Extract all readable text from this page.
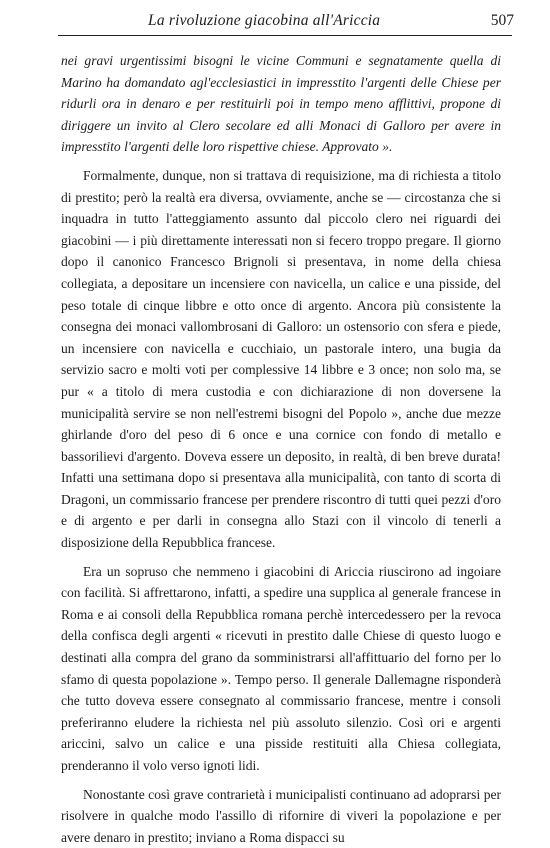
La rivoluzione giacobina all'Ariccia	507

nei gravi urgentissimi bisogni le vicine Communi e segnatamente quella di Marino ha domandato agl'ecclesiastici in impresstito l'argenti delle Chiese per ridurli ora in denaro e per restituirli poi in tempo meno afflittivi, propone di diriggere un invito al Clero secolare ed alli Monaci di Galloro per avere in impresstito l'argenti delle loro rispettive chiese. Approvato ».

Formalmente, dunque, non si trattava di requisizione, ma di richiesta a titolo di prestito; però la realtà era diversa, ovviamente, anche se — circostanza che si inquadra in tutto l'atteggiamento assunto dal piccolo clero nei riguardi dei giacobini — i più direttamente interessati non si fecero troppo pregare. Il giorno dopo il canonico Francesco Brignoli si presentava, in nome della chiesa collegiata, a depositare un incensiere con navicella, un calice e una pisside, del peso totale di cinque libbre e otto once di argento. Ancora più consistente la consegna dei monaci vallombrosani di Galloro: un ostensorio con sfera e piede, un incensiere con navicella e cucchiaio, un pastorale intero, una bugia da servizio sacro e molti voti per complessive 14 libbre e 3 once; non solo ma, se pur « a titolo di mera custodia e con dichiarazione di non doversene la municipalità servire se non nell'estremi bisogni del Popolo », anche due mezze ghirlande d'oro del peso di 6 once e una cornice con fondo di metallo e bassorilievi d'argento. Doveva essere un deposito, in realtà, di ben breve durata! Infatti una settimana dopo si presentava alla municipalità, con tanto di scorta di Dragoni, un commissario francese per prendere riscontro di tutti quei pezzi d'oro e di argento e per darli in consegna allo Stazi con il vincolo di tenerli a disposizione della Repubblica francese.

Era un sopruso che nemmeno i giacobini di Ariccia riuscirono ad ingoiare con facilità. Si affrettarono, infatti, a spedire una supplica al generale francese in Roma e ai consoli della Repubblica romana perchè intercedessero per la revoca della confisca degli argenti « ricevuti in prestito dalle Chiese di questo luogo e destinati alla compra del grano da somministrarsi all'affittuario del forno per lo sfamo di questa popolazione ». Tempo perso. Il generale Dallemagne risponderà che tutto doveva essere consegnato al commissario francese, mentre i consoli preferiranno eludere la richiesta nel più assoluto silenzio. Così ori e argenti ariccini, salvo un calice e una pisside restituiti alla Chiesa collegiata, prenderanno il volo verso ignoti lidi.

Nonostante così grave contrarietà i municipalisti continuano ad adoprarsi per risolvere in qualche modo l'assillo di rifornire di viveri la popolazione e per avere denaro in prestito; inviano a Roma dispacci su
